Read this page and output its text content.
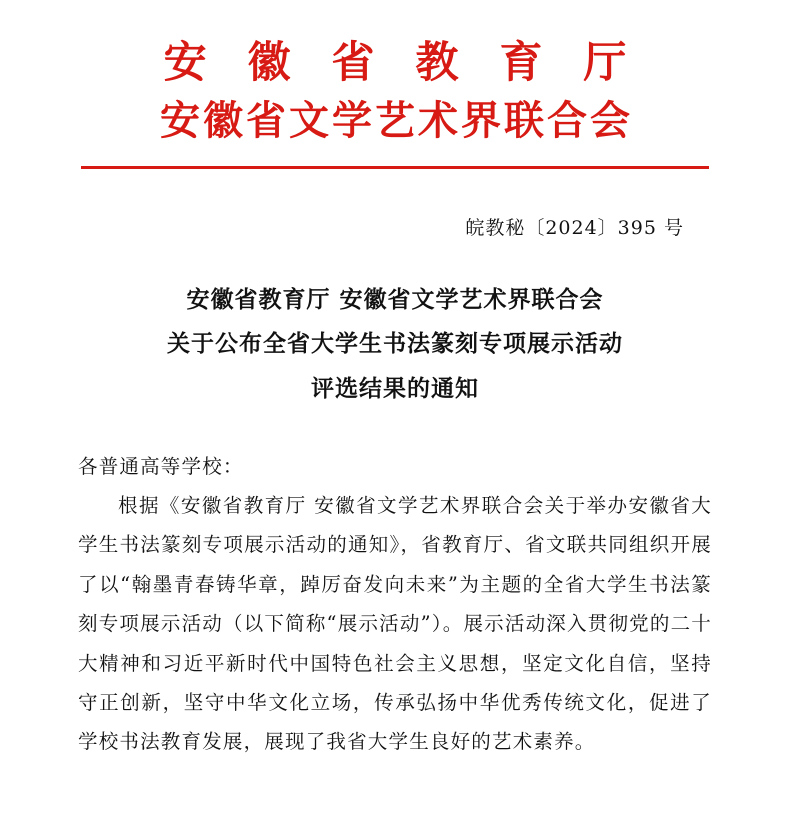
安 徽 省 教 育 厅
安徽省文学艺术界联合会
皖教秘〔2024〕395 号
安徽省教育厅 安徽省文学艺术界联合会
关于公布全省大学生书法篆刻专项展示活动
评选结果的通知

各普通高等学校：

根据《安徽省教育厅 安徽省文学艺术界联合会关于举办安徽省大学生书法篆刻专项展示活动的通知》，省教育厅、省文联共同组织开展了以“翰墨青春铸华章，踔厉奋发向未来”为主题的全省大学生书法篆刻专项展示活动（以下简称“展示活动”）。展示活动深入贯彻党的二十大精神和习近平新时代中国特色社会主义思想，坚定文化自信，坚持守正创新，坚守中华文化立场，传承弘扬中华优秀传统文化，促进了学校书法教育发展，展现了我省大学生良好的艺术素养。
